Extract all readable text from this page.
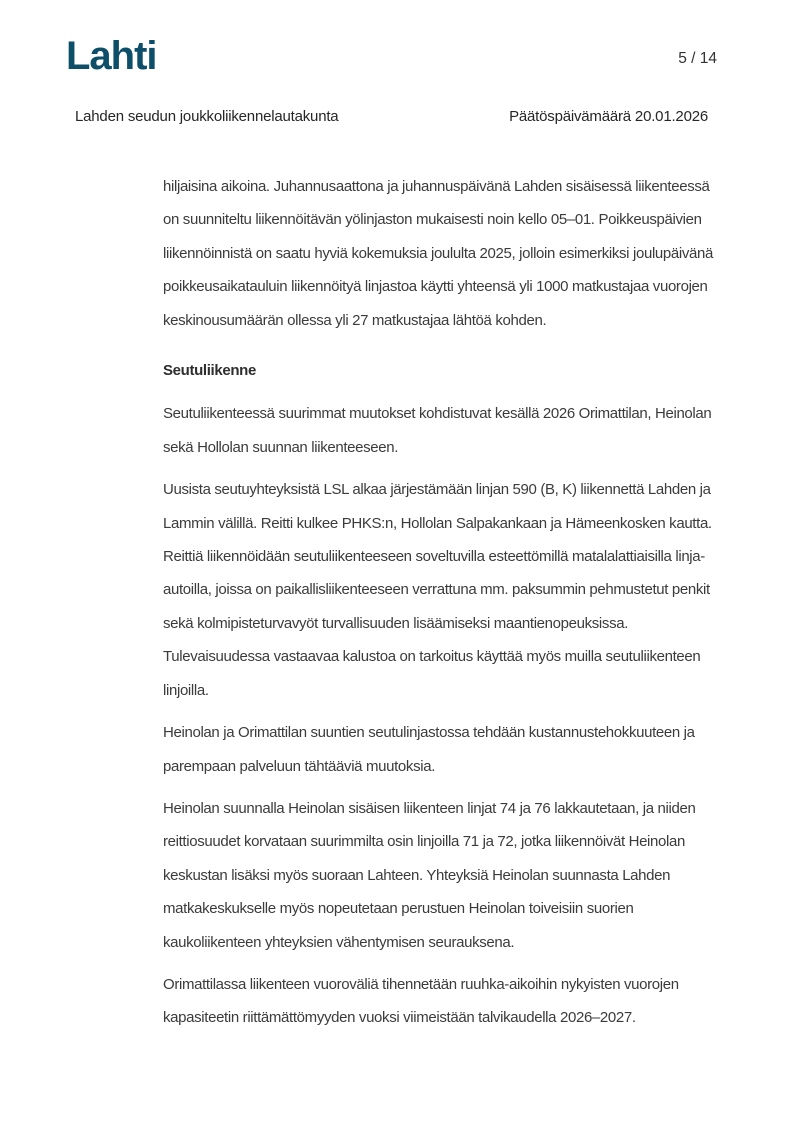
Lahti	5 / 14
Lahden seudun joukkoliikennelautakunta	Päätöspäivämäärä 20.01.2026

hiljaisina aikoina. Juhannusaattona ja juhannuspäivänä Lahden sisäisessä liikenteessä on suunniteltu liikennöitävän yölinjaston mukaisesti noin kello 05–01. Poikkeuspäivien liikennöinnistä on saatu hyviä kokemuksia joululta 2025, jolloin esimerkiksi joulupäivänä poikkeusaikatauluin liikennöityä linjastoa käytti yhteensä yli 1000 matkustajaa vuorojen keskinousumäärän ollessa yli 27 matkustajaa lähtöä kohden.

Seutuliikenne

Seutuliikenteessä suurimmat muutokset kohdistuvat kesällä 2026 Orimattilan, Heinolan sekä Hollolan suunnan liikenteeseen.

Uusista seutuyhteyksistä LSL alkaa järjestämään linjan 590 (B, K) liikennettä Lahden ja Lammin välillä. Reitti kulkee PHKS:n, Hollolan Salpakankaan ja Hämeenkosken kautta. Reittiä liikennöidään seutuliikenteeseen soveltuvilla esteettömillä matalalattiaisilla linja-autoilla, joissa on paikallisliikenteeseen verrattuna mm. paksummin pehmustetut penkit sekä kolmipisteturvavyöt turvallisuuden lisäämiseksi maantienopeuksissa. Tulevaisuudessa vastaavaa kalustoa on tarkoitus käyttää myös muilla seutuliikenteen linjoilla.

Heinolan ja Orimattilan suuntien seutulinjastossa tehdään kustannustehokkuuteen ja parempaan palveluun tähtääviä muutoksia.

Heinolan suunnalla Heinolan sisäisen liikenteen linjat 74 ja 76 lakkautetaan, ja niiden reittiosuudet korvataan suurimmilta osin linjoilla 71 ja 72, jotka liikennöivät Heinolan keskustan lisäksi myös suoraan Lahteen. Yhteyksiä Heinolan suunnasta Lahden matkakeskukselle myös nopeutetaan perustuen Heinolan toiveisiin suorien kaukoliikenteen yhteyksien vähentymisen seurauksena.

Orimattilassa liikenteen vuoroväliä tihennetään ruuhka-aikoihin nykyisten vuorojen kapasiteetin riittämättömyyden vuoksi viimeistään talvikaudella 2026–2027.
